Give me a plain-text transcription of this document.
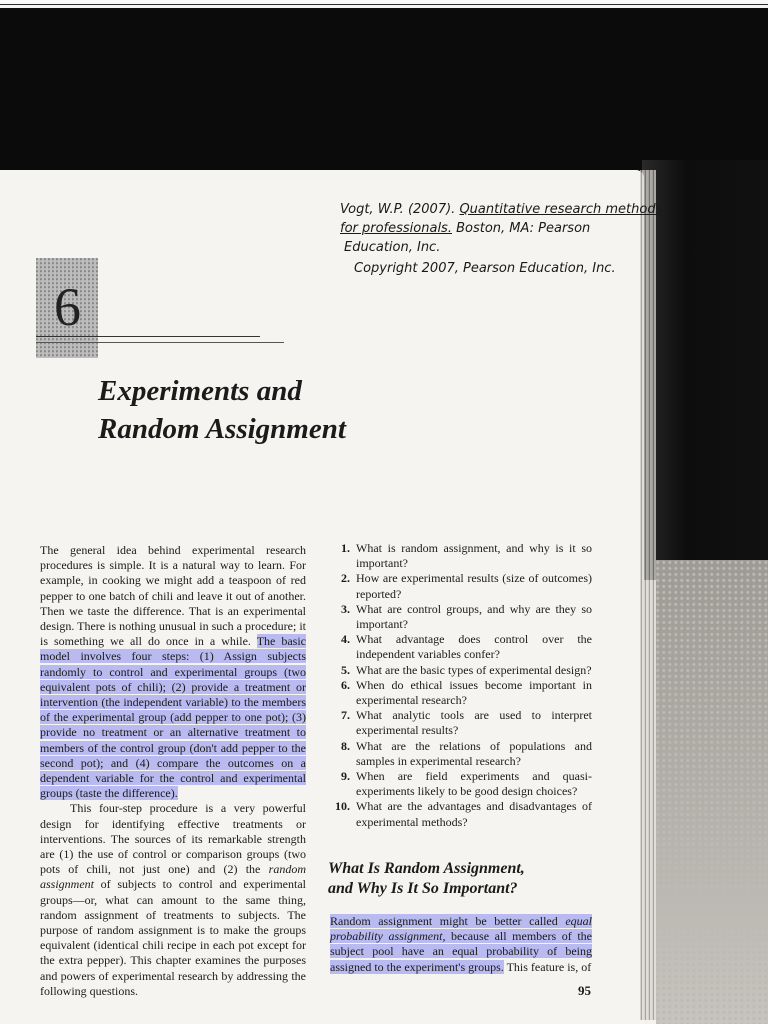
Vogt, W.P. (2007). Quantitative research methods

for professionals. Boston, MA: Pearson

Education, Inc.

Copyright 2007, Pearson Education, Inc.

6
Experiments and
Random Assignment

The general idea behind experimental research procedures is simple. It is a natural way to learn. For example, in cooking we might add a teaspoon of red pepper to one batch of chili and leave it out of another. Then we taste the difference. That is an experimental design. There is nothing unusual in such a procedure; it is something we all do once in a while. The basic model involves four steps: (1) Assign subjects randomly to control and experimental groups (two equivalent pots of chili); (2) provide a treatment or intervention (the independent variable) to the members of the experimental group (add pepper to one pot); (3) provide no treatment or an alternative treatment to members of the control group (don't add pepper to the second pot); and (4) compare the outcomes on a dependent variable for the control and experimental groups (taste the difference).

This four-step procedure is a very powerful design for identifying effective treatments or interventions. The sources of its remarkable strength are (1) the use of control or comparison groups (two pots of chili, not just one) and (2) the random assignment of subjects to control and experimental groups—or, what can amount to the same thing, random assignment of treatments to subjects. The purpose of random assignment is to make the groups equivalent (identical chili recipe in each pot except for the extra pepper). This chapter examines the purposes and powers of experimental research by addressing the following questions.

1. What is random assignment, and why is it so important?
2. How are experimental results (size of outcomes) reported?
3. What are control groups, and why are they so important?
4. What advantage does control over the independent variables confer?
5. What are the basic types of experimental design?
6. When do ethical issues become important in experimental research?
7. What analytic tools are used to interpret experimental results?
8. What are the relations of populations and samples in experimental research?
9. When are field experiments and quasi-experiments likely to be good design choices?
10. What are the advantages and disadvantages of experimental methods?
What Is Random Assignment,
and Why Is It So Important?

Random assignment might be better called equal probability assignment, because all members of the subject pool have an equal probability of being assigned to the experiment's groups. This feature is, of

95
